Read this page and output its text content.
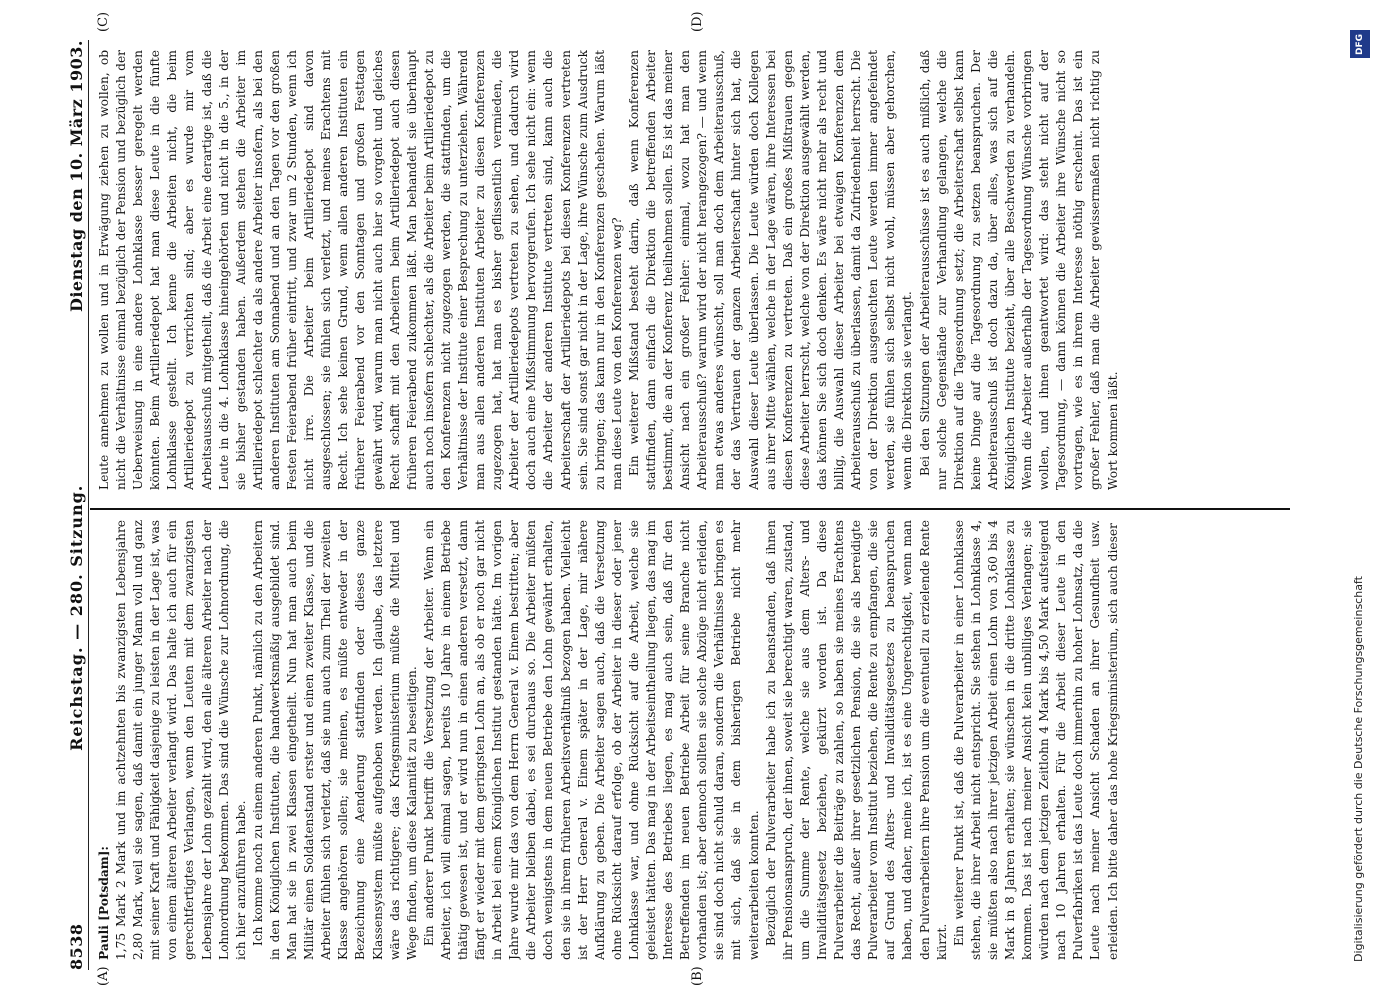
8538
Reichstag. — 280. Sitzung.
Dienstag den 10. März 1903.
(A)	(B)
(C)	(D)

Pauli [Potsdam]: 1,75 Mark 2 Mark und im achtzehnten bis zwanzigsten Lebensjahre 2,80 Mark, weil sie sagen, daß damit ein junger Mann voll und ganz mit seiner Kraft und Fähigkeit dasjenige zu leisten in der Lage ist, was von einem älteren Arbeiter verlangt wird. Das halte ich auch für ein gerechtfertigtes Verlangen, wenn den Leuten mit dem zwanzigsten Lebensjahre der Lohn gezahlt wird, den alle älteren Arbeiter nach der Lohnordnung bekommen. Das sind die Wünsche zur Lohnordnung, die ich hier anzuführen habe. Ich komme noch zu einem anderen Punkt, nämlich zu den Arbeitern in den Königlichen Instituten, die handwerksmäßig ausgebildet sind. Man hat sie in zwei Klassen eingetheilt. Nun hat man auch beim Militär einen Soldatenstand erster und einen zweiter Klasse, und die Arbeiter fühlen sich verletzt, daß sie nun auch zum Theil der zweiten Klasse angehören sollen; sie meinen, es müßte entweder in der Bezeichnung eine Aenderung stattfinden oder dieses ganze Klassensystem müßte aufgehoben werden. Ich glaube, das letztere wäre das richtigere; das Kriegsministerium müßte die Mittel und Wege finden, um diese Kalamität zu beseitigen. Ein anderer Punkt betrifft die Versetzung der Arbeiter. Wenn ein Arbeiter, ich will einmal sagen, bereits 10 Jahre in einem Betriebe thätig gewesen ist, und er wird nun in einen anderen versetzt, dann fängt er wieder mit dem geringsten Lohn an, als ob er noch gar nicht in Arbeit bei einem Königlichen Institut gestanden hätte. Im vorigen Jahre wurde mir das von dem Herrn General v. Einem bestritten; aber die Arbeiter bleiben dabei, es sei durchaus so. Die Arbeiter müßten doch wenigstens in dem neuen Betriebe den Lohn gewährt erhalten, den sie in ihrem früheren Arbeitsverhältniß bezogen haben. Vielleicht ist der Herr General v. Einem später in der Lage, mir nähere Aufklärung zu geben. Die Arbeiter sagen auch, daß die Versetzung ohne Rücksicht darauf erfolge, ob der Arbeiter in dieser oder jener Lohnklasse war, und ohne Rücksicht auf die Arbeit, welche sie geleistet hätten. Das mag in der Arbeitseintheilung liegen, das mag im Interesse des Betriebes liegen, es mag auch sein, daß für den Betreffenden im neuen Betriebe Arbeit für seine Branche nicht vorhanden ist; aber dennoch sollten sie solche Abzüge nicht erleiden, sie sind doch nicht schuld daran, sondern die Verhältnisse bringen es mit sich, daß sie in dem bisherigen Betriebe nicht mehr weiterarbeiten konnten. Bezüglich der Pulverarbeiter habe ich zu beanstanden, daß ihnen ihr Pensionsanspruch, der ihnen, soweit sie berechtigt waren, zustand, um die Summe der Rente, welche sie aus dem Alters- und Invaliditätsgesetz beziehen, gekürzt worden ist. Da diese Pulverarbeiter die Beiträge zu zahlen, so haben sie meines Erachtens das Recht, außer ihrer gesetzlichen Pension, die sie als bereidigte Pulverarbeiter vom Institut beziehen, die Rente zu empfangen, die sie auf Grund des Alters- und Invaliditätsgesetzes zu beanspruchen haben, und daher, meine ich, ist es eine Ungerechtigkeit, wenn man den Pulverarbeitern ihre Pension um die eventuell zu erzielende Rente kürzt. Ein weiterer Punkt ist, daß die Pulverarbeiter in einer Lohnklasse stehen, die ihrer Arbeit nicht entspricht. Sie stehen in Lohnklasse 4, sie müßten also nach ihrer jetzigen Arbeit einen Lohn von 3,60 bis 4 Mark in 8 Jahren erhalten; sie wünschen in die dritte Lohnklasse zu kommen. Das ist nach meiner Ansicht kein unbilliges Verlangen; sie würden nach dem jetzigen Zeitlohn 4 Mark bis 4,50 Mark aufsteigend nach 10 Jahren erhalten. Für die Arbeit dieser Leute in den Pulverfabriken ist das Leute doch immerhin zu hoher Lohnsatz, da die Leute nach meiner Ansicht Schaden an ihrer Gesundheit usw. erleiden. Ich bitte daher das hohe Kriegsministerium, sich auch dieser

Leute annehmen zu wollen und in Erwägung ziehen zu wollen, ob nicht die Verhältnisse einmal bezüglich der Pension und bezüglich der Ueberweisung in eine andere Lohnklasse besser geregelt werden könnten. Beim Artilleriedepot hat man diese Leute in die fünfte Lohnklasse gestellt. Ich kenne die Arbeiten nicht, die beim Artilleriedepot zu verrichten sind; aber es wurde mir vom Arbeitsausschuß mitgetheilt, daß die Arbeit eine derartige ist, daß die Leute in die 4. Lohnklasse hineingehörten und nicht in die 5., in der sie bisher gestanden haben. Außerdem stehen die Arbeiter im Artilleriedepot schlechter da als andere Arbeiter insofern, als bei den anderen Instituten am Sonnabend und an den Tagen vor den großen Festen Feierabend früher eintritt, und zwar um 2 Stunden, wenn ich nicht irre. Die Arbeiter beim Artilleriedepot sind davon ausgeschlossen; sie fühlen sich verletzt, und meines Erachtens mit Recht. Ich sehe keinen Grund, wenn allen anderen Instituten ein früherer Feierabend vor den Sonntagen und großen Festtagen gewährt wird, warum man nicht auch hier so vorgeht und gleiches Recht schafft mit den Arbeitern beim Artilleriedepot auch diesen früheren Feierabend zukommen läßt. Man behandelt sie überhaupt auch noch insofern schlechter, als die Arbeiter beim Artilleriedepot zu den Konferenzen nicht zugezogen werden, die stattfinden, um die Verhältnisse der Institute einer Besprechung zu unterziehen. Während man aus allen anderen Instituten Arbeiter zu diesen Konferenzen zugezogen hat, hat man es bisher geflissentlich vermieden, die Arbeiter der Artilleriedepots vertreten zu sehen, und dadurch wird doch auch eine Mißstimmung hervorgerufen. Ich sehe nicht ein: wenn die Arbeiter der anderen Institute vertreten sind, kann auch die Arbeiterschaft der Artilleriedepots bei diesen Konferenzen vertreten sein. Sie sind sonst gar nicht in der Lage, ihre Wünsche zum Ausdruck zu bringen; das kann nur in den Konferenzen geschehen. Warum läßt man diese Leute von den Konferenzen weg? Ein weiterer Mißstand besteht darin, daß wenn Konferenzen stattfinden, dann einfach die Direktion die betreffenden Arbeiter bestimmt, die an der Konferenz theilnehmen sollen. Es ist das meiner Ansicht nach ein großer Fehler: einmal, wozu hat man den Arbeiterausschuß? warum wird der nicht herangezogen? — und wenn man etwas anderes wünscht, soll man doch dem Arbeiterausschuß, der das Vertrauen der ganzen Arbeiterschaft hinter sich hat, die Auswahl dieser Leute überlassen. Die Leute würden doch Kollegen aus ihrer Mitte wählen, welche in der Lage wären, ihre Interessen bei diesen Konferenzen zu vertreten. Daß ein großes Mißtrauen gegen diese Arbeiter herrscht, welche von der Direktion ausgewählt werden, das können Sie sich doch denken. Es wäre nicht mehr als recht und billig, die Auswahl dieser Arbeiter bei etwaigen Konferenzen dem Arbeiterausschuß zu überlassen, damit da Zufriedenheit herrscht. Die von der Direktion ausgesuchten Leute werden immer angefeindet werden, sie fühlen sich selbst nicht wohl, müssen aber gehorchen, wenn die Direktion sie verlangt. Bei den Sitzungen der Arbeiterausschüsse ist es auch mißlich, daß nur solche Gegenstände zur Verhandlung gelangen, welche die Direktion auf die Tagesordnung setzt; die Arbeiterschaft selbst kann keine Dinge auf die Tagesordnung zu setzen beanspruchen. Der Arbeiterausschuß ist doch dazu da, über alles, was sich auf die Königlichen Institute bezieht, über alle Beschwerden zu verhandeln. Wenn die Arbeiter außerhalb der Tagesordnung Wünsche vorbringen wollen, und ihnen geantwortet wird: das steht nicht auf der Tagesordnung, — dann können die Arbeiter ihre Wünsche nicht so vortragen, wie es in ihrem Interesse nöthig erscheint. Das ist ein großer Fehler, daß man die Arbeiter gewissermaßen nicht richtig zu Wort kommen läßt.

DFG
Digitalisierung gefördert durch die Deutsche Forschungsgemeinschaft
